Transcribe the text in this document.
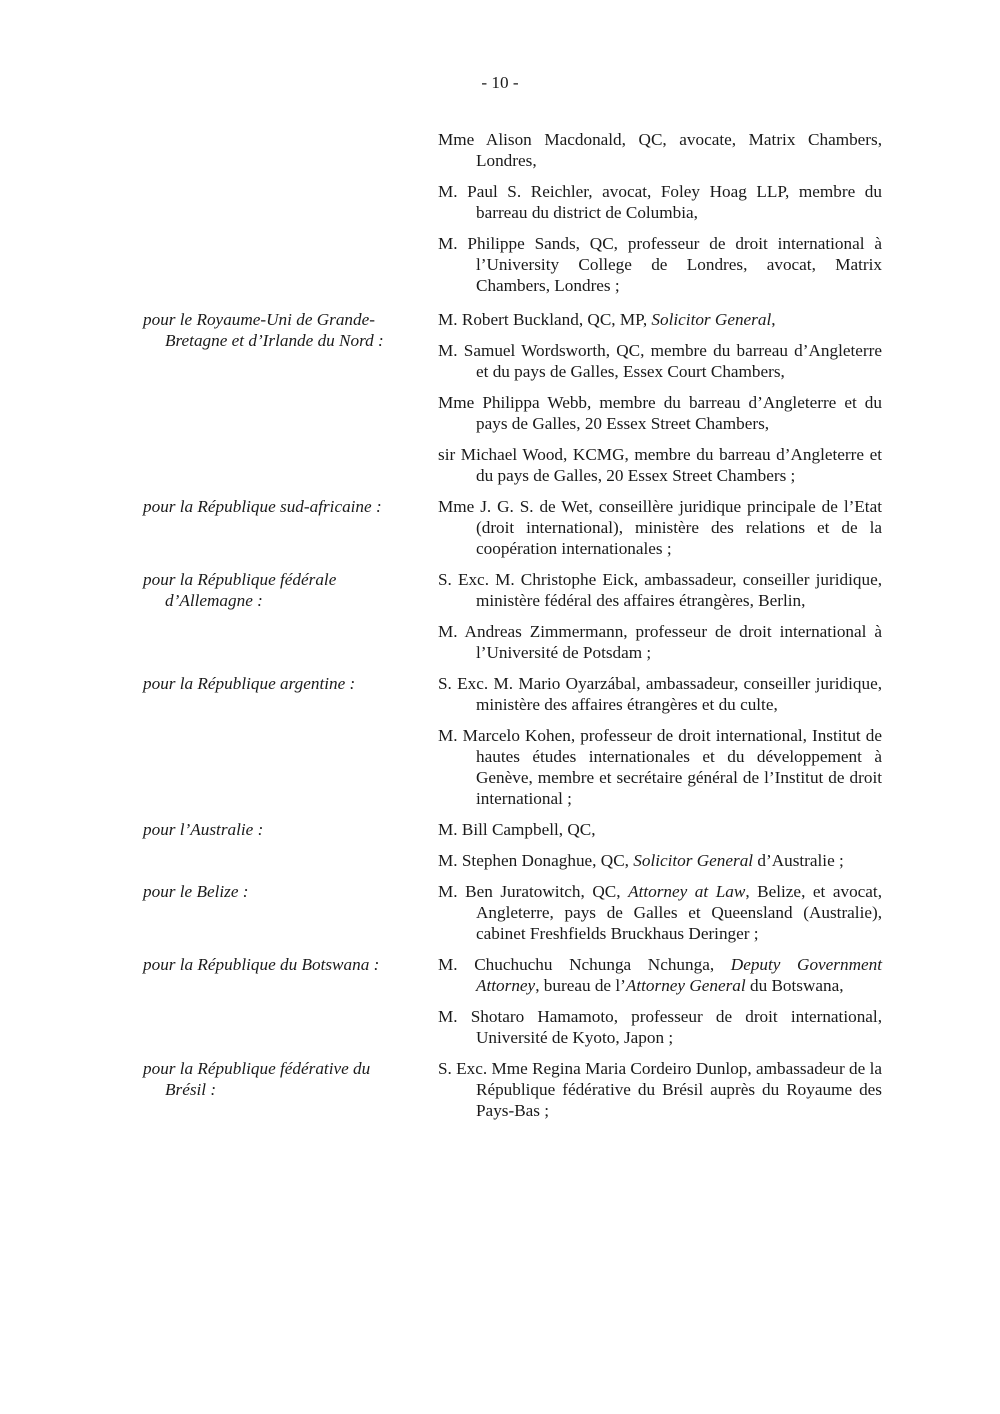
- 10 -
Mme Alison Macdonald, QC, avocate, Matrix Chambers, Londres,
M. Paul S. Reichler, avocat, Foley Hoag LLP, membre du barreau du district de Columbia,
M. Philippe Sands, QC, professeur de droit international à l’University College de Londres, avocat, Matrix Chambers, Londres ;
pour le Royaume-Uni de Grande-Bretagne et d’Irlande du Nord :
M. Robert Buckland, QC, MP, Solicitor General,
M. Samuel Wordsworth, QC, membre du barreau d’Angleterre et du pays de Galles, Essex Court Chambers,
Mme Philippa Webb, membre du barreau d’Angleterre et du pays de Galles, 20 Essex Street Chambers,
sir Michael Wood, KCMG, membre du barreau d’Angleterre et du pays de Galles, 20 Essex Street Chambers ;
pour la République sud-africaine :	Mme J. G. S. de Wet, conseillère juridique principale de l’Etat (droit international), ministère des relations et de la coopération internationales ;
pour la République fédérale d’Allemagne :
S. Exc. M. Christophe Eick, ambassadeur, conseiller juridique, ministère fédéral des affaires étrangères, Berlin,
M. Andreas Zimmermann, professeur de droit international à l’Université de Potsdam ;
pour la République argentine :	S. Exc. M. Mario Oyarzábal, ambassadeur, conseiller juridique, ministère des affaires étrangères et du culte,
M. Marcelo Kohen, professeur de droit international, Institut de hautes études internationales et du développement à Genève, membre et secrétaire général de l’Institut de droit international ;
pour l’Australie :	M. Bill Campbell, QC,
M. Stephen Donaghue, QC, Solicitor General d’Australie ;
pour le Belize :	M. Ben Juratowitch, QC, Attorney at Law, Belize, et avocat, Angleterre, pays de Galles et Queensland (Australie), cabinet Freshfields Bruckhaus Deringer ;
pour la République du Botswana :	M. Chuchuchu Nchunga Nchunga, Deputy Government Attorney, bureau de l’Attorney General du Botswana,
M. Shotaro Hamamoto, professeur de droit international, Université de Kyoto, Japon ;
pour la République fédérative du Brésil :
S. Exc. Mme Regina Maria Cordeiro Dunlop, ambassadeur de la République fédérative du Brésil auprès du Royaume des Pays-Bas ;
